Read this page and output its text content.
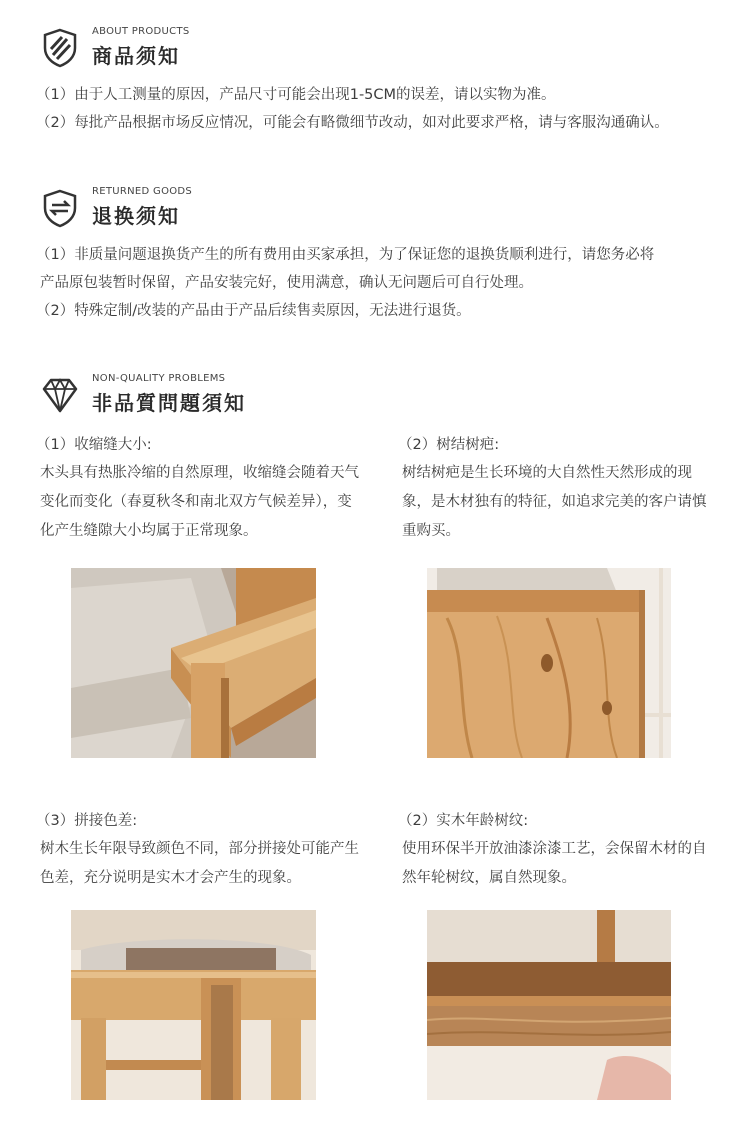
ABOUT PRODUCTS
商品须知
（1）由于人工测量的原因，产品尺寸可能会出现1-5CM的误差，请以实物为准。
（2）每批产品根据市场反应情况，可能会有略微细节改动，如对此要求严格，请与客服沟通确认。
RETURNED GOODS
退换须知
（1）非质量问题退换货产生的所有费用由买家承担，为了保证您的退换货顺利进行，请您务必将
产品原包装暂时保留，产品安装完好，使用满意，确认无问题后可自行处理。
（2）特殊定制/改装的产品由于产品后续售卖原因，无法进行退货。
NON-QUALITY PROBLEMS
非品質問題須知
（1）收缩缝大小:
木头具有热胀冷缩的自然原理，收缩缝会随着天气变化而变化（春夏秋冬和南北双方气候差异），变化产生缝隙大小均属于正常现象。
（2）树结树疤:
树结树疤是生长环境的大自然性天然形成的现象，是木材独有的特征，如追求完美的客户请慎重购买。
（3）拼接色差:
树木生长年限导致颜色不同，部分拼接处可能产生色差，充分说明是实木才会产生的现象。
（2）实木年龄树纹:
使用环保半开放油漆涂漆工艺，会保留木材的自然年轮树纹，属自然现象。
